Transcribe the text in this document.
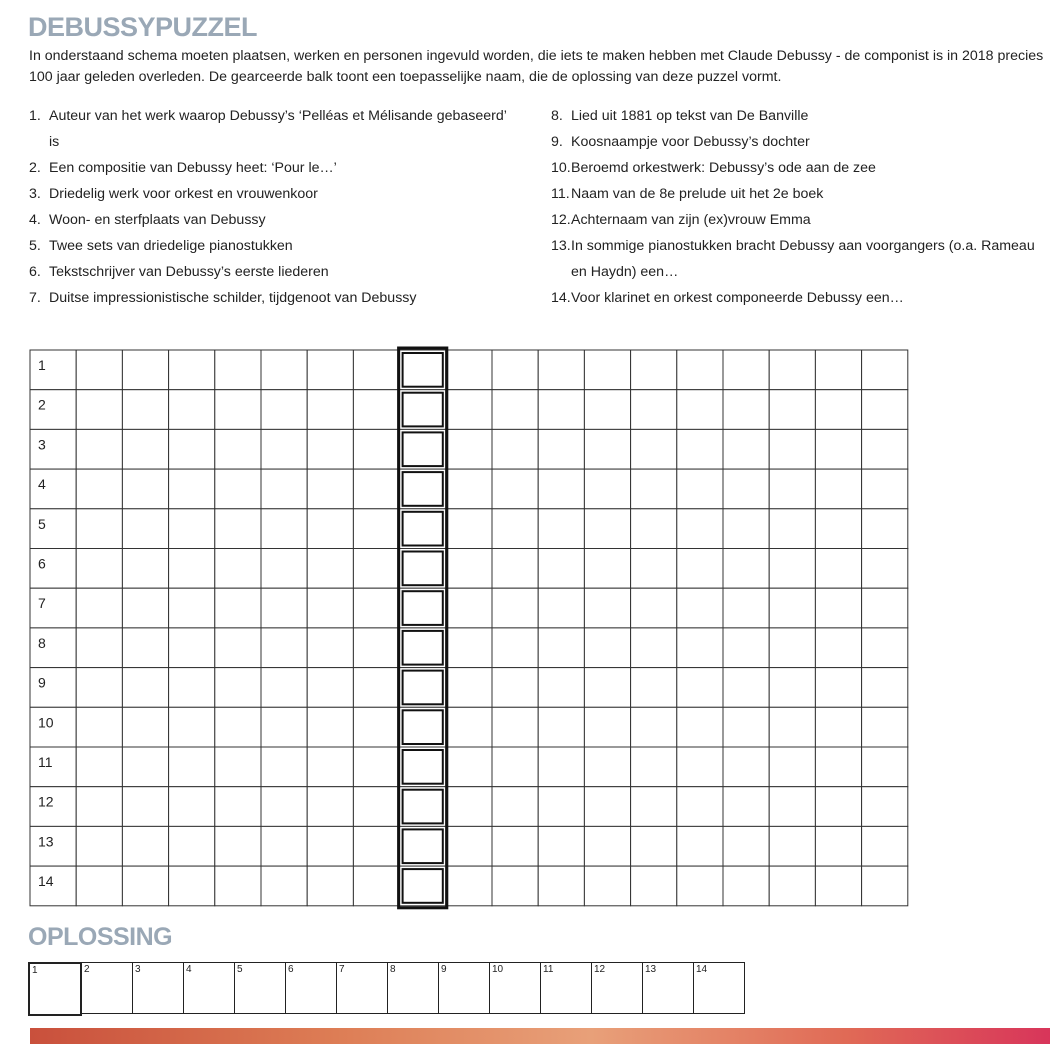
DEBUSSYPUZZEL

In onderstaand schema moeten plaatsen, werken en personen ingevuld worden, die iets te maken hebben met Claude Debussy - de componist is in 2018 precies 100 jaar geleden overleden. De gearceerde balk toont een toepasselijke naam, die de oplossing van deze puzzel vormt.

1. Auteur van het werk waarop Debussy’s ‘Pelléas et Mélisande gebaseerd’ is
2. Een compositie van Debussy heet: ‘Pour le…’
3. Driedelig werk voor orkest en vrouwenkoor
4. Woon- en sterfplaats van Debussy
5. Twee sets van driedelige pianostukken
6. Tekstschrijver van Debussy’s eerste liederen
7. Duitse impressionistische schilder, tijdgenoot van Debussy
8. Lied uit 1881 op tekst van De Banville
9. Koosnaampje voor Debussy’s dochter
10. Beroemd orkestwerk: Debussy’s ode aan de zee
11. Naam van de 8e prelude uit het 2e boek
12. Achternaam van zijn (ex)vrouw Emma
13. In sommige pianostukken bracht Debussy aan voorgangers (o.a. Rameau en Haydn) een…
14. Voor klarinet en orkest componeerde Debussy een…
1
2
3
4
5
6
7
8
9
10
11
12
13
14
OPLOSSING
1	2	3	4	5	6	7	8	9	10	11	12	13	14
